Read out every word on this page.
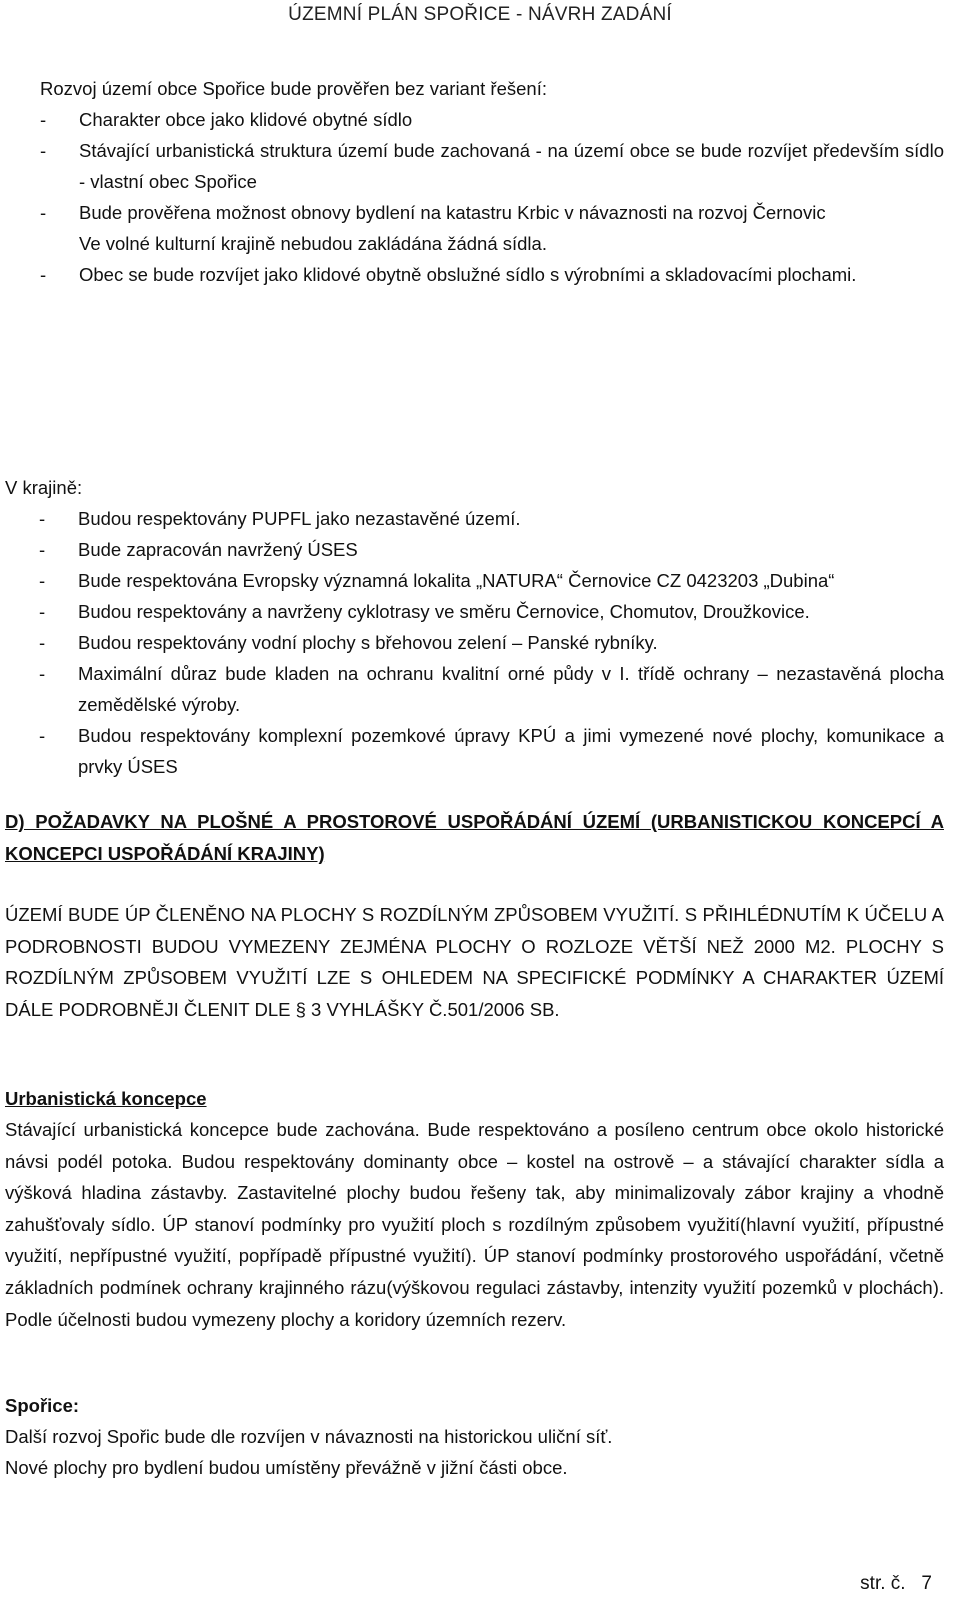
ÚZEMNÍ PLÁN SPOŘICE - NÁVRH ZADÁNÍ
Rozvoj území obce Spořice bude prověřen bez variant řešení:
- Charakter obce jako klidové obytné sídlo
- Stávající urbanistická struktura území bude zachovaná - na území obce se bude rozvíjet především sídlo - vlastní obec Spořice
- Bude prověřena možnost obnovy bydlení na katastru Krbic v návaznosti na rozvoj Černovic
Ve volné kulturní krajině nebudou zakládána žádná sídla.
- Obec se bude rozvíjet jako klidové obytně obslužné sídlo s výrobními a skladovacími plochami.
V krajině:
- Budou respektovány PUPFL jako nezastavěné území.
- Bude zapracován navržený ÚSES
- Bude respektována Evropsky významná lokalita „NATURA“ Černovice CZ 0423203 „Dubina“
- Budou respektovány a navrženy cyklotrasy ve směru Černovice, Chomutov, Droužkovice.
- Budou respektovány vodní plochy s břehovou zelení – Panské rybníky.
- Maximální důraz bude kladen na ochranu kvalitní orné půdy v I. třídě ochrany – nezastavěná plocha zemědělské výroby.
- Budou respektovány komplexní pozemkové úpravy KPÚ a jimi vymezené nové plochy, komunikace a prvky ÚSES
D) POŽADAVKY NA PLOŠNÉ A PROSTOROVÉ USPOŘÁDÁNÍ ÚZEMÍ (URBANISTICKOU KONCEPCÍ A KONCEPCI USPOŘÁDÁNÍ KRAJINY)
ÚZEMÍ BUDE ÚP ČLENĚNO NA PLOCHY S ROZDÍLNÝM ZPŮSOBEM VYUŽITÍ. S PŘIHLÉDNUTÍM K ÚČELU A PODROBNOSTI BUDOU VYMEZENY ZEJMÉNA PLOCHY O ROZLOZE VĚTŠÍ NEŽ 2000 M2. PLOCHY S ROZDÍLNÝM ZPŮSOBEM VYUŽITÍ LZE S OHLEDEM NA SPECIFICKÉ PODMÍNKY A CHARAKTER ÚZEMÍ DÁLE PODROBNĚJI ČLENIT DLE § 3 VYHLÁŠKY Č.501/2006 SB.
Urbanistická koncepce
Stávající urbanistická koncepce bude zachována. Bude respektováno a posíleno centrum obce okolo historické návsi podél potoka. Budou respektovány dominanty obce – kostel na ostrově – a stávající charakter sídla a výšková hladina zástavby. Zastavitelné plochy budou řešeny tak, aby minimalizovaly zábor krajiny a vhodně zahušťovaly sídlo. ÚP stanoví podmínky pro využití ploch s rozdílným způsobem využití(hlavní využití, přípustné využití, nepřípustné využití, popřípadě přípustné využití). ÚP stanoví podmínky prostorového uspořádání, včetně základních podmínek ochrany krajinného rázu(výškovou regulaci zástavby, intenzity využití pozemků v plochách). Podle účelnosti budou vymezeny plochy a koridory územních rezerv.
Spořice:
Další rozvoj Spořic bude dle rozvíjen v návaznosti na historickou uliční síť.
Nové plochy pro bydlení budou umístěny převážně v jižní části obce.
str. č. 7
